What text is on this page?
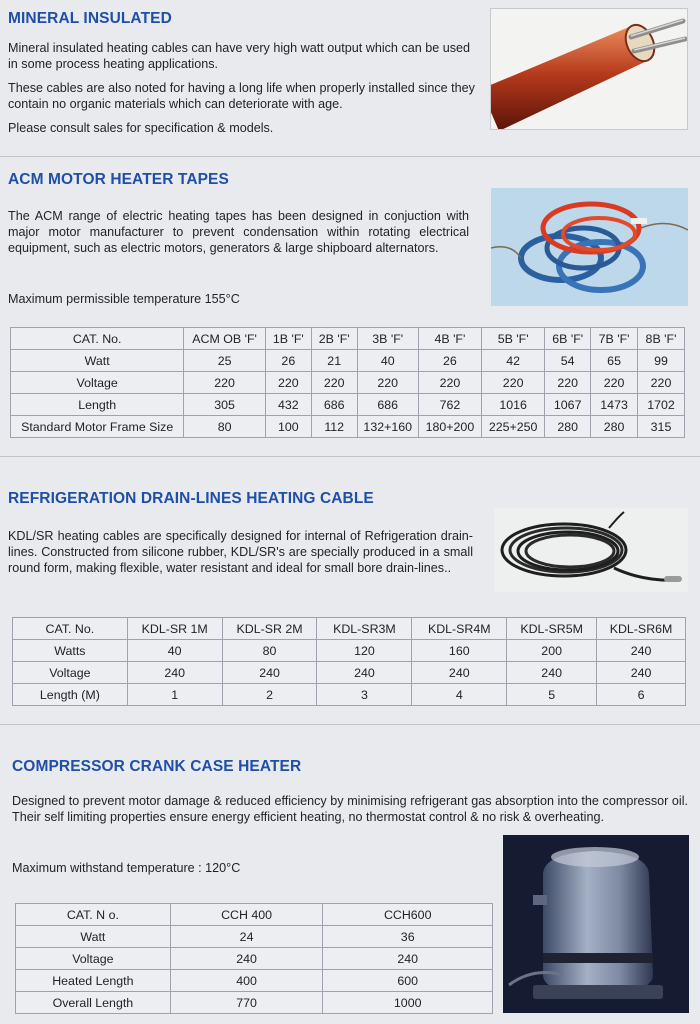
MINERAL INSULATED

Mineral insulated heating cables can have very high watt output which can be used in some process heating applications.

These cables are also noted for having a long life when properly installed since they contain no organic materials which can deteriorate with age.

Please consult sales for specification & models.

ACM MOTOR HEATER TAPES

The ACM range of electric heating tapes has been designed in conjuction with major motor manufacturer to prevent condensation within rotating electrical equipment, such as electric motors, generators & large shipboard alternators.

Maximum permissible temperature 155°C

CAT. No.	ACM OB 'F'	1B 'F'	2B 'F'	3B 'F'	4B 'F'	5B 'F'	6B 'F'	7B 'F'	8B 'F'
Watt	25	26	21	40	26	42	54	65	99
Voltage	220	220	220	220	220	220	220	220	220
Length	305	432	686	686	762	1016	1067	1473	1702
Standard Motor Frame Size	80	100	112	132+160	180+200	225+250	280	280	315
REFRIGERATION DRAIN-LINES HEATING CABLE

KDL/SR heating cables are specifically designed for internal of Refrigeration drain-lines. Constructed from silicone rubber, KDL/SR's are specially produced in a small round form, making flexible, water resistant and ideal for small bore drain-lines..

CAT. No.	KDL-SR 1M	KDL-SR 2M	KDL-SR3M	KDL-SR4M	KDL-SR5M	KDL-SR6M
Watts	40	80	120	160	200	240
Voltage	240	240	240	240	240	240
Length (M)	1	2	3	4	5	6
COMPRESSOR CRANK CASE HEATER

Designed to prevent motor damage & reduced efficiency by minimising refrigerant gas absorption into the compressor oil. Their self limiting properties ensure energy efficient heating, no thermostat control & no risk & overheating.

Maximum withstand temperature : 120°C

CAT. N o.	CCH 400	CCH600
Watt	24	36
Voltage	240	240
Heated Length	400	600
Overall Length	770	1000
